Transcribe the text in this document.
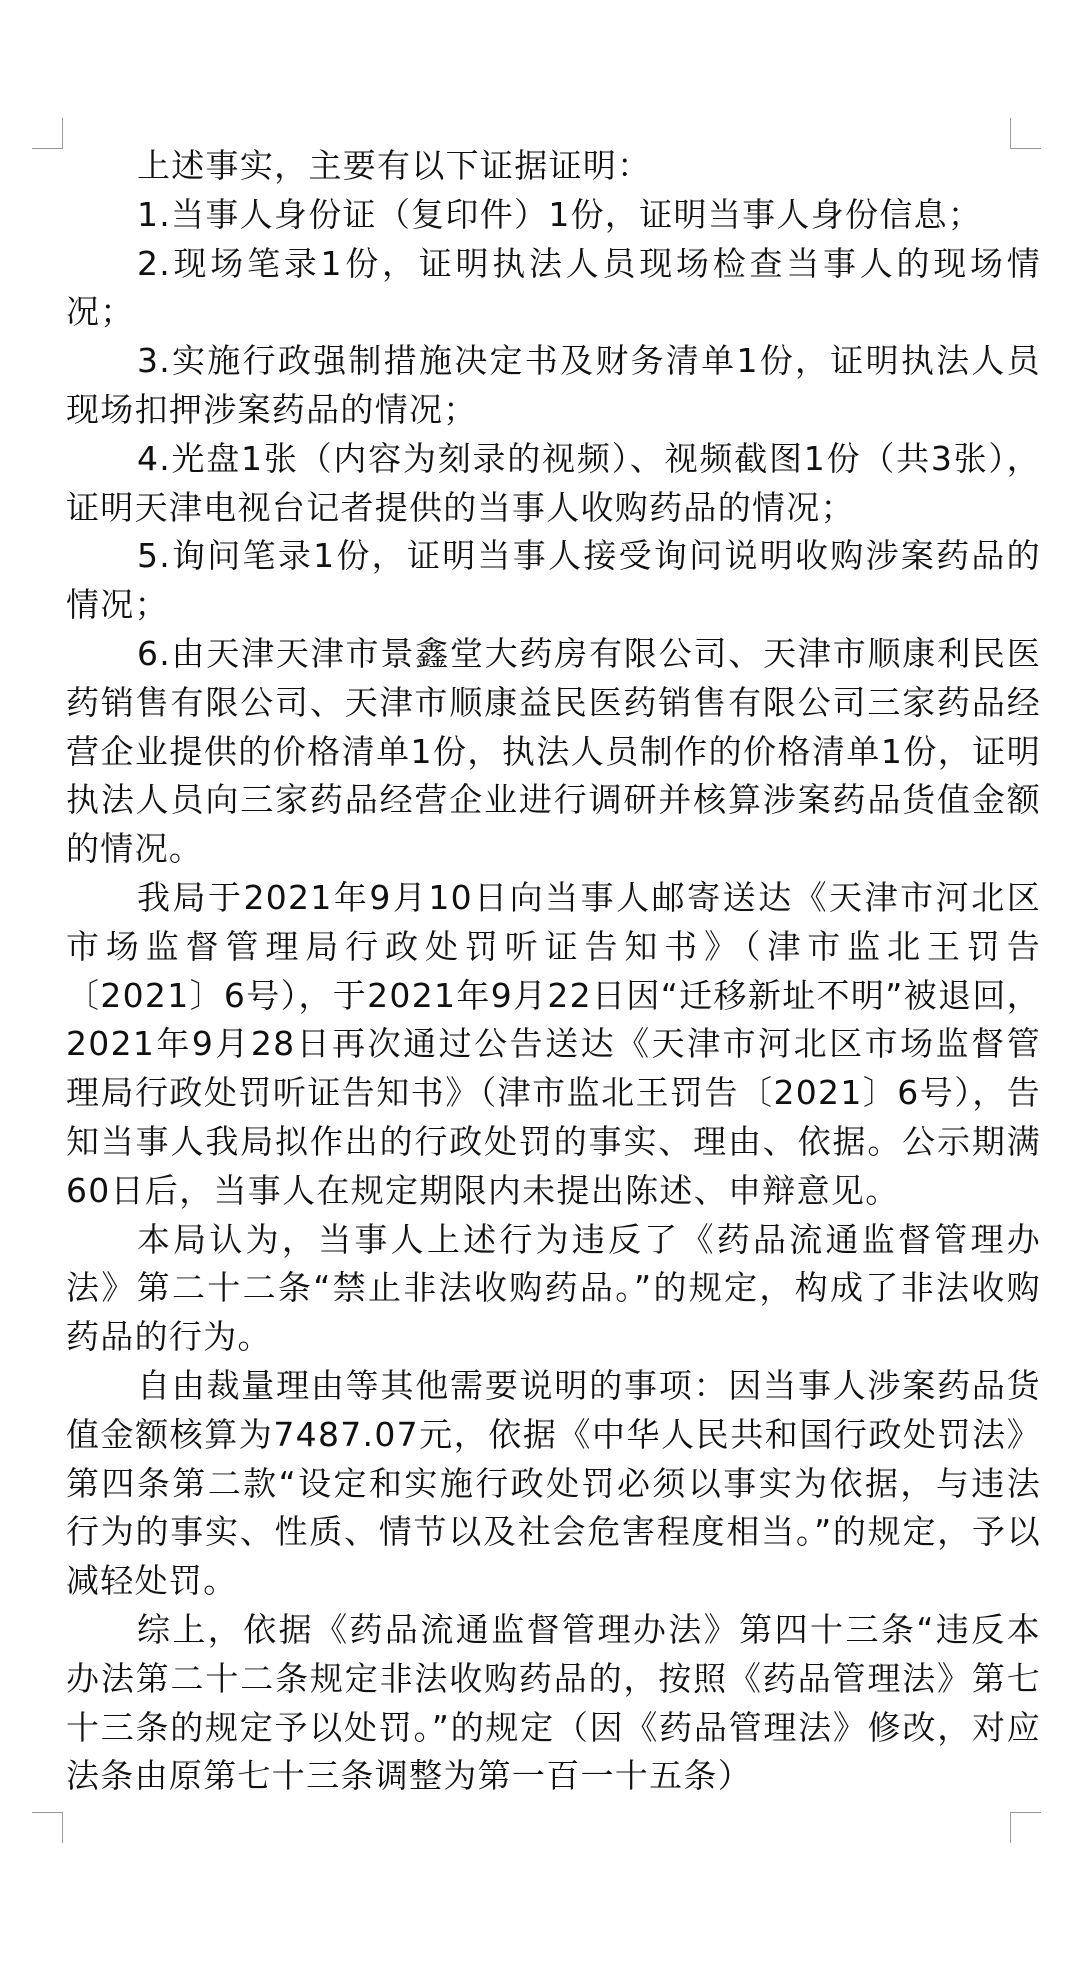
上述事实，主要有以下证据证明：

1.当事人身份证（复印件）1份，证明当事人身份信息；

2.现场笔录1份，证明执法人员现场检查当事人的现场情况；

3.实施行政强制措施决定书及财务清单1份，证明执法人员现场扣押涉案药品的情况；

4.光盘1张（内容为刻录的视频）、视频截图1份（共3张），证明天津电视台记者提供的当事人收购药品的情况；

5.询问笔录1份，证明当事人接受询问说明收购涉案药品的情况；

6.由天津天津市景鑫堂大药房有限公司、天津市顺康利民医药销售有限公司、天津市顺康益民医药销售有限公司三家药品经营企业提供的价格清单1份，执法人员制作的价格清单1份，证明执法人员向三家药品经营企业进行调研并核算涉案药品货值金额的情况。

我局于2021年9月10日向当事人邮寄送达《天津市河北区市场监督管理局行政处罚听证告知书》（津市监北王罚告〔2021〕6号），于2021年9月22日因“迁移新址不明”被退回，2021年9月28日再次通过公告送达《天津市河北区市场监督管理局行政处罚听证告知书》（津市监北王罚告〔2021〕6号），告知当事人我局拟作出的行政处罚的事实、理由、依据。公示期满60日后，当事人在规定期限内未提出陈述、申辩意见。

本局认为，当事人上述行为违反了《药品流通监督管理办法》第二十二条“禁止非法收购药品。”的规定，构成了非法收购药品的行为。

自由裁量理由等其他需要说明的事项：因当事人涉案药品货值金额核算为7487.07元，依据《中华人民共和国行政处罚法》第四条第二款“设定和实施行政处罚必须以事实为依据，与违法行为的事实、性质、情节以及社会危害程度相当。”的规定，予以减轻处罚。

综上，依据《药品流通监督管理办法》第四十三条“违反本办法第二十二条规定非法收购药品的，按照《药品管理法》第七十三条的规定予以处罚。”的规定（因《药品管理法》修改，对应法条由原第七十三条调整为第一百一十五条）
